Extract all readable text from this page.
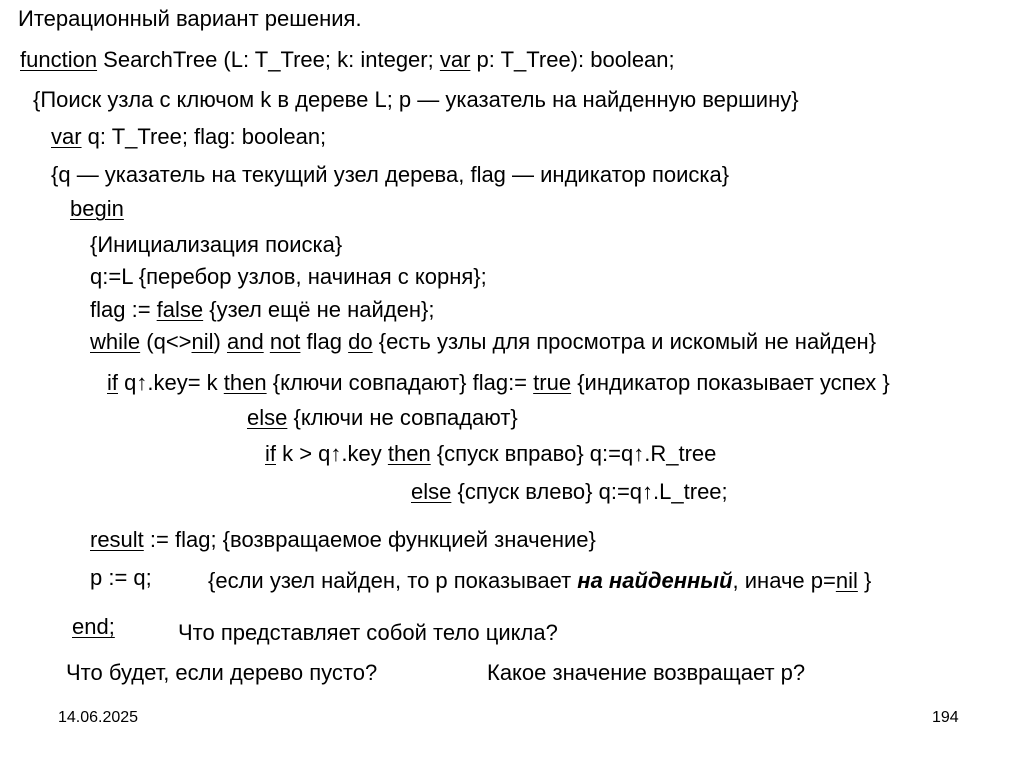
Итерационный вариант решения.
function SearchTree (L: T_Tree; k: integer; var p: T_Tree): boolean;
{Поиск узла с ключом k в дереве L; p — указатель на найденную вершину}
var q: T_Tree; flag: boolean;
{q — указатель на текущий узел дерева, flag — индикатор поиска}
begin
{Инициализация поиска}
q:=L {перебор узлов, начиная с корня};
flag := false {узел ещё не найден};
while (q<>nil) and not flag do {есть узлы для просмотра и искомый не найден}
if q↑.key= k then {ключи совпадают} flag:= true {индикатор показывает успех }
else {ключи не совпадают}
if k > q↑.key then {спуск вправо} q:=q↑.R_tree
else {спуск влево} q:=q↑.L_tree;
result := flag; {возвращаемое функцией значение}
p := q;	{если узел найден, то p показывает на найденный, иначе p=nil }
end;	Что представляет собой тело цикла?
Что будет, если дерево пусто?	Какое значение возвращает p?
14.06.2025	194
